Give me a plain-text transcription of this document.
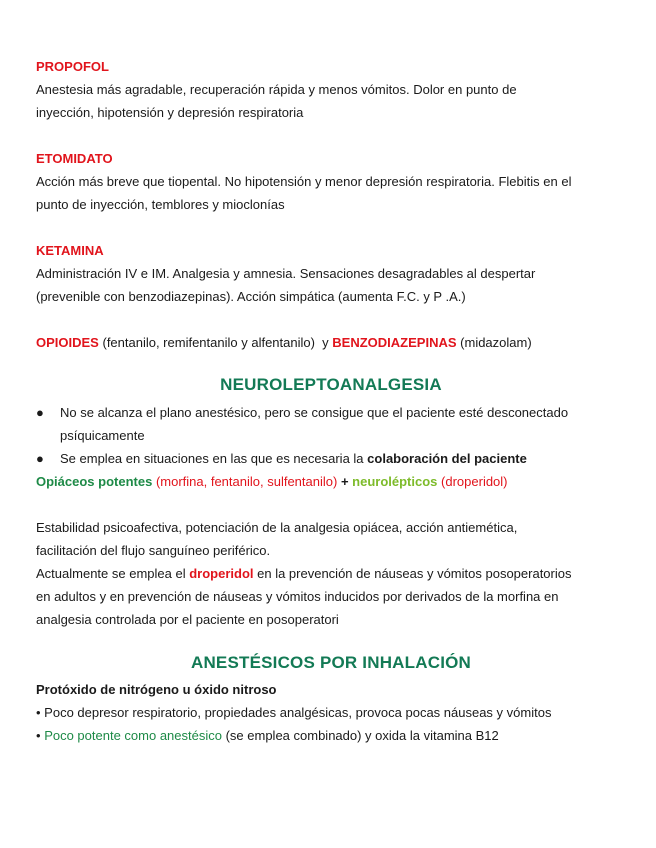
PROPOFOL
Anestesia más agradable, recuperación rápida y menos vómitos. Dolor en punto de
inyección, hipotensión y depresión respiratoria
ETOMIDATO
Acción más breve que tiopental. No hipotensión y menor depresión respiratoria. Flebitis en el
punto de inyección, temblores y mioclonías
KETAMINA
Administración IV e IM. Analgesia y amnesia. Sensaciones desagradables al despertar
(prevenible con benzodiazepinas). Acción simpática (aumenta F.C. y P .A.)
OPIOIDES (fentanilo, remifentanilo y alfentanilo) y BENZODIAZEPINAS (midazolam)
NEUROLEPTOANALGESIA
●	No se alcanza el plano anestésico, pero se consigue que el paciente esté desconectado
psíquicamente
● Se emplea en situaciones en las que es necesaria la colaboración del paciente
Opiáceos potentes (morfina, fentanilo, sulfentanilo) + neurolépticos (droperidol)
Estabilidad psicoafectiva, potenciación de la analgesia opiácea, acción antiemética,
facilitación del flujo sanguíneo periférico.
Actualmente se emplea el droperidol en la prevención de náuseas y vómitos posoperatorios
en adultos y en prevención de náuseas y vómitos inducidos por derivados de la morfina en
analgesia controlada por el paciente en posoperatori
ANESTÉSICOS POR INHALACIÓN
Protóxido de nitrógeno u óxido nitroso
• Poco depresor respiratorio, propiedades analgésicas, provoca pocas náuseas y vómitos
• Poco potente como anestésico (se emplea combinado) y oxida la vitamina B12
